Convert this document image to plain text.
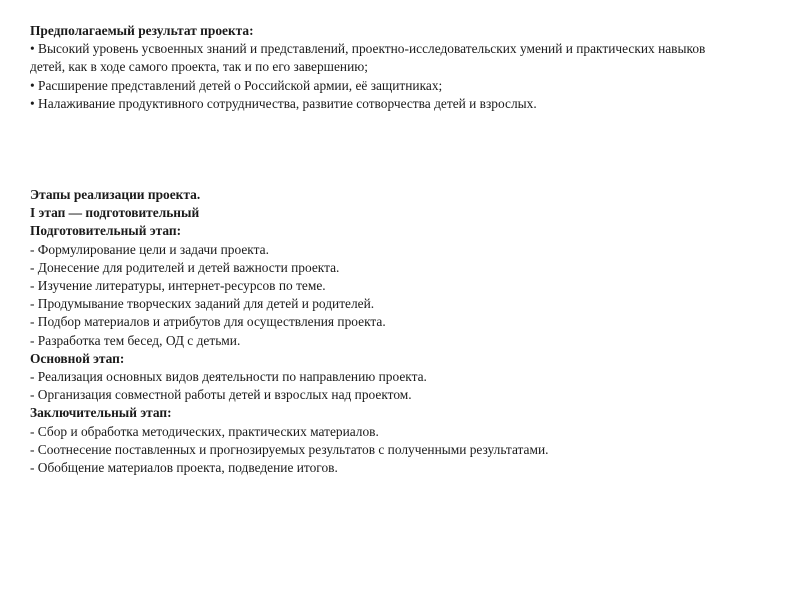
Предполагаемый результат проекта:
• Высокий уровень усвоенных знаний и представлений, проектно-исследовательских умений и практических навыков детей, как в ходе самого проекта, так и по его завершению;
• Расширение представлений детей о Российской армии, её защитниках;
• Налаживание продуктивного сотрудничества, развитие сотворчества детей и взрослых.
Этапы реализации проекта.
I этап — подготовительный
Подготовительный этап:
- Формулирование цели и задачи проекта.
- Донесение для родителей и детей важности проекта.
- Изучение литературы, интернет-ресурсов по теме.
- Продумывание творческих заданий для детей и родителей.
- Подбор материалов и атрибутов для осуществления проекта.
- Разработка тем бесед, ОД с детьми.
Основной этап:
- Реализация основных видов деятельности по направлению проекта.
- Организация совместной работы детей и взрослых над проектом.
Заключительный этап:
- Сбор и обработка методических, практических материалов.
- Соотнесение поставленных и прогнозируемых результатов с полученными результатами.
- Обобщение материалов проекта, подведение итогов.
